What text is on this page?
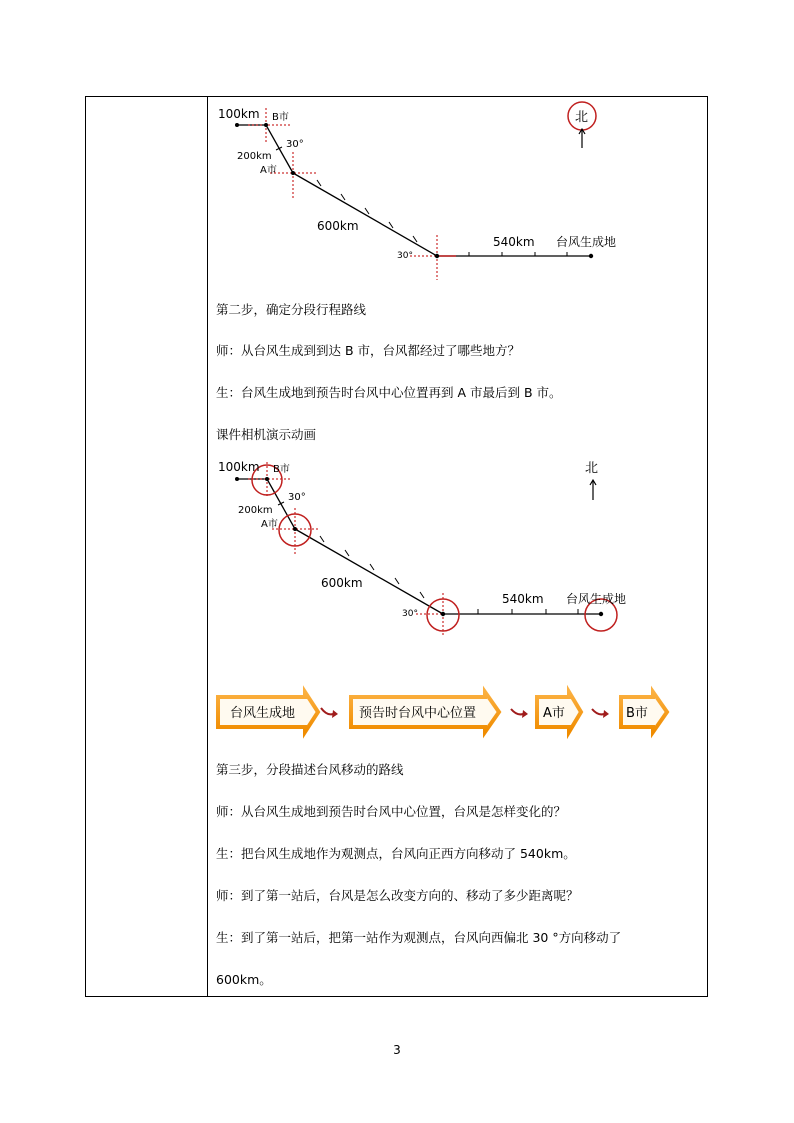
100km B市
30°
200km
A市
600km
30°
540km 台风生成地
北
第二步，确定分段行程路线
师：从台风生成到到达 B 市，台风都经过了哪些地方？
生：台风生成地到预告时台风中心位置再到 A 市最后到 B 市。
课件相机演示动画
100km B市
30°
200km
A市
600km
30°
540km 台风生成地
北
台风生成地	预告时台风中心位置	A市	B市
第三步，分段描述台风移动的路线
师：从台风生成地到预告时台风中心位置，台风是怎样变化的？
生：把台风生成地作为观测点，台风向正西方向移动了 540km。
师：到了第一站后，台风是怎么改变方向的、移动了多少距离呢？
生：到了第一站后，把第一站作为观测点，台风向西偏北 30 °方向移动了
600km。
3
